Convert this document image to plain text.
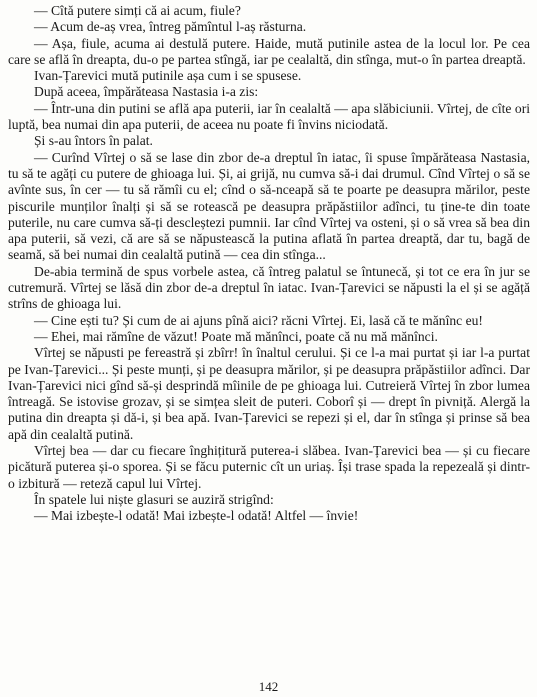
— Cîtă putere simți că ai acum, fiule?

— Acum de-aș vrea, întreg pămîntul l-aș răsturna.

— Așa, fiule, acuma ai destulă putere. Haide, mută putinile astea de la locul lor. Pe cea care se află în dreapta, du-o pe partea stîngă, iar pe cealaltă, din stînga, mut-o în partea dreaptă.

Ivan-Țarevici mută putinile așa cum i se spusese.

După aceea, împărăteasa Nastasia i-a zis:

— Într-una din putini se află apa puterii, iar în cealaltă — apa slăbiciunii. Vîrtej, de cîte ori luptă, bea numai din apa puterii, de aceea nu poate fi învins niciodată.

Și s-au întors în palat.

— Curînd Vîrtej o să se lase din zbor de-a dreptul în iatac, îi spuse împărăteasa Nastasia, tu să te agăți cu putere de ghioaga lui. Și, ai grijă, nu cumva să-i dai drumul. Cînd Vîrtej o să se avînte sus, în cer — tu să rămîi cu el; cînd o să-nceapă să te poarte pe deasupra mărilor, peste piscurile munților înalți și să se rotească pe deasupra prăpăstiilor adînci, tu ține-te din toate puterile, nu care cumva să-ți descleștezi pumnii. Iar cînd Vîrtej va osteni, și o să vrea să bea din apa puterii, să vezi, că are să se năpustească la putina aflată în partea dreaptă, dar tu, bagă de seamă, să bei numai din cealaltă putină — cea din stînga...

De-abia termină de spus vorbele astea, că întreg palatul se întunecă, și tot ce era în jur se cutremură. Vîrtej se lăsă din zbor de-a dreptul în iatac. Ivan-Țarevici se năpusti la el și se agăță strîns de ghioaga lui.

— Cine ești tu? Și cum de ai ajuns pînă aici? răcni Vîrtej. Ei, lasă că te mănînc eu!

— Ehei, mai rămîne de văzut! Poate mă mănînci, poate că nu mă mănînci.

Vîrtej se năpusti pe fereastră și zbîrr! în înaltul cerului. Și ce l-a mai purtat și iar l-a purtat pe Ivan-Țarevici... Și peste munți, și pe deasupra mărilor, și pe deasupra prăpăstiilor adînci. Dar Ivan-Țarevici nici gînd să-și desprindă mîinile de pe ghioaga lui. Cutreieră Vîrtej în zbor lumea întreagă. Se istovise grozav, și se simțea sleit de puteri. Coborî și — drept în pivniță. Alergă la putina din dreapta și dă-i, și bea apă. Ivan-Țarevici se repezi și el, dar în stînga și prinse să bea apă din cealaltă putină.

Vîrtej bea — dar cu fiecare înghițitură puterea-i slăbea. Ivan-Țarevici bea — și cu fiecare picătură puterea și-o sporea. Și se făcu puternic cît un uriaș. Își trase spada la repezeală și dintr-o izbitură — reteză capul lui Vîrtej.

În spatele lui niște glasuri se auziră strigînd:

— Mai izbește-l odată! Mai izbește-l odată! Altfel — învie!

142
